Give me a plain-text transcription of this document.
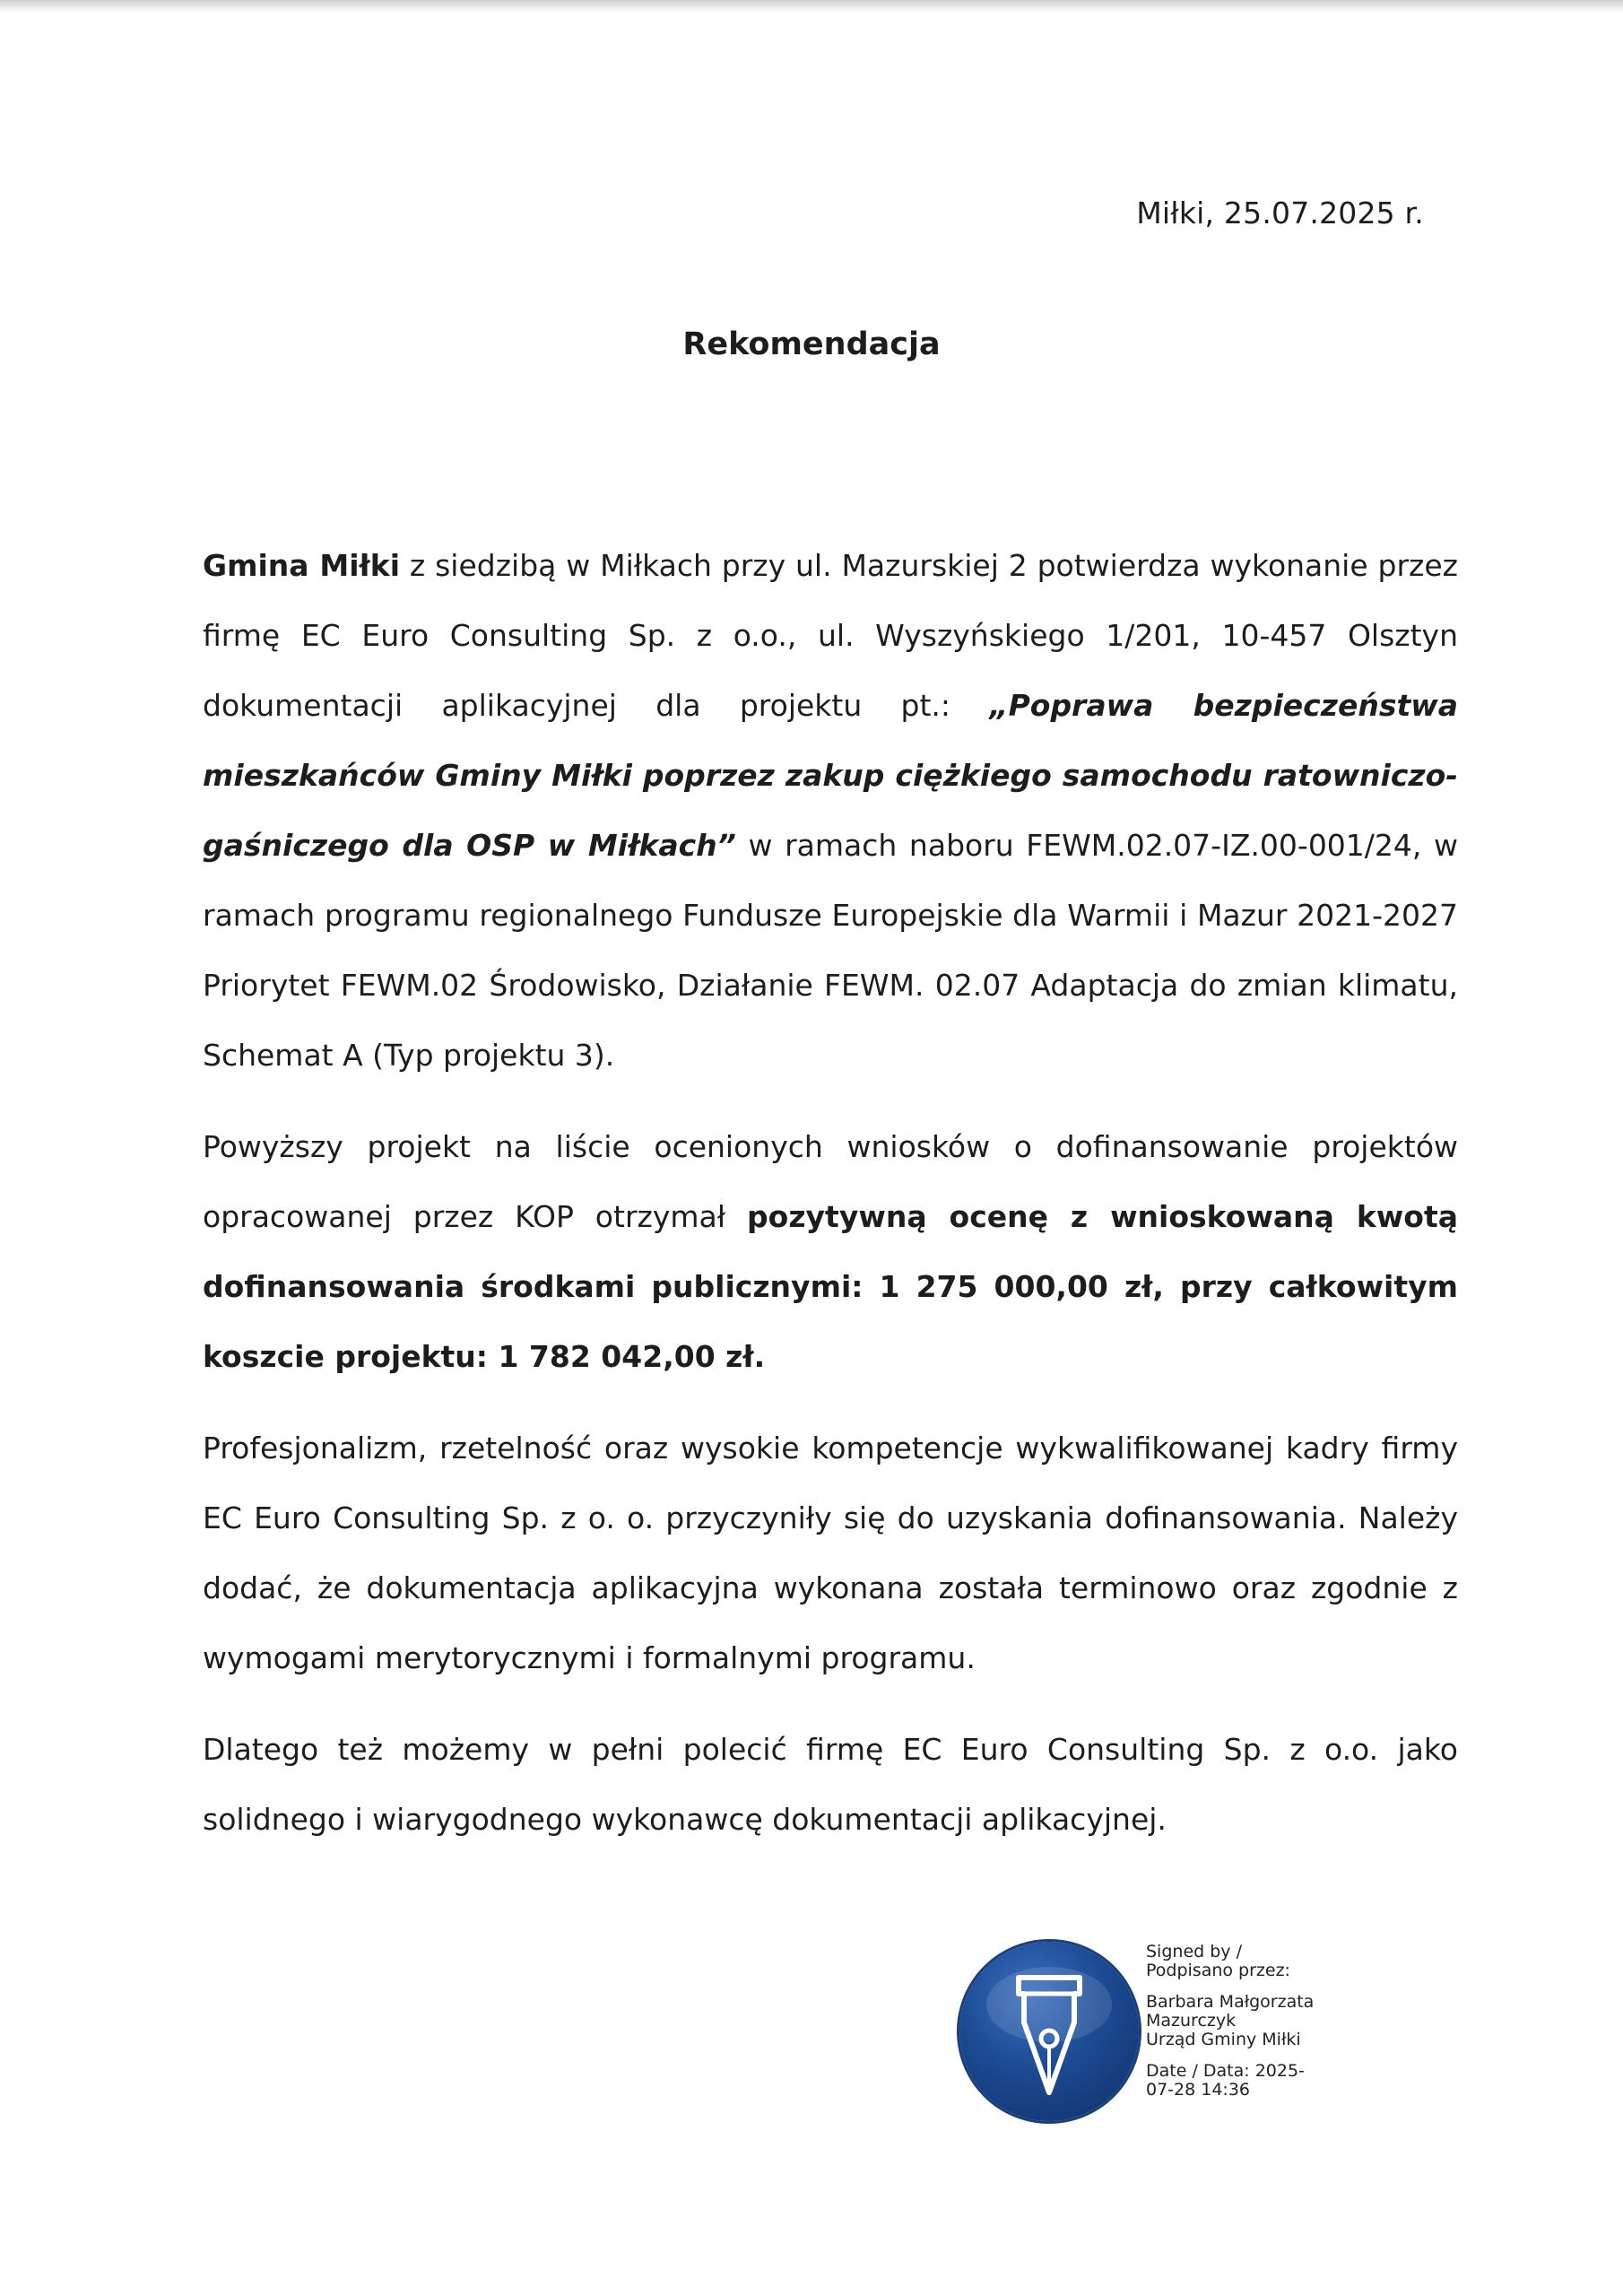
Miłki, 25.07.2025 r.
Rekomendacja

Gmina Miłki z siedzibą w Miłkach przy ul. Mazurskiej 2 potwierdza wykonanie przez firmę EC Euro Consulting Sp. z o.o., ul. Wyszyńskiego 1/201, 10-457 Olsztyn dokumentacji aplikacyjnej dla projektu pt.: „Poprawa bezpieczeństwa mieszkańców Gminy Miłki poprzez zakup ciężkiego samochodu ratowniczo-gaśniczego dla OSP w Miłkach” w ramach naboru FEWM.02.07-IZ.00-001/24, w ramach programu regionalnego Fundusze Europejskie dla Warmii i Mazur 2021-2027 Priorytet FEWM.02 Środowisko, Działanie FEWM. 02.07 Adaptacja do zmian klimatu, Schemat A (Typ projektu 3).

Powyższy projekt na liście ocenionych wniosków o dofinansowanie projektów opracowanej przez KOP otrzymał pozytywną ocenę z wnioskowaną kwotą dofinansowania środkami publicznymi: 1 275 000,00 zł, przy całkowitym koszcie projektu: 1 782 042,00 zł.

Profesjonalizm, rzetelność oraz wysokie kompetencje wykwalifikowanej kadry firmy EC Euro Consulting Sp. z o. o. przyczyniły się do uzyskania dofinansowania. Należy dodać, że dokumentacja aplikacyjna wykonana została terminowo oraz zgodnie z wymogami merytorycznymi i formalnymi programu.

Dlatego też możemy w pełni polecić firmę EC Euro Consulting Sp. z o.o. jako solidnego i wiarygodnego wykonawcę dokumentacji aplikacyjnej.

Signed by /
Podpisano przez:
Barbara Małgorzata
Mazurczyk
Urząd Gminy Miłki
Date / Data: 2025-
07-28 14:36
